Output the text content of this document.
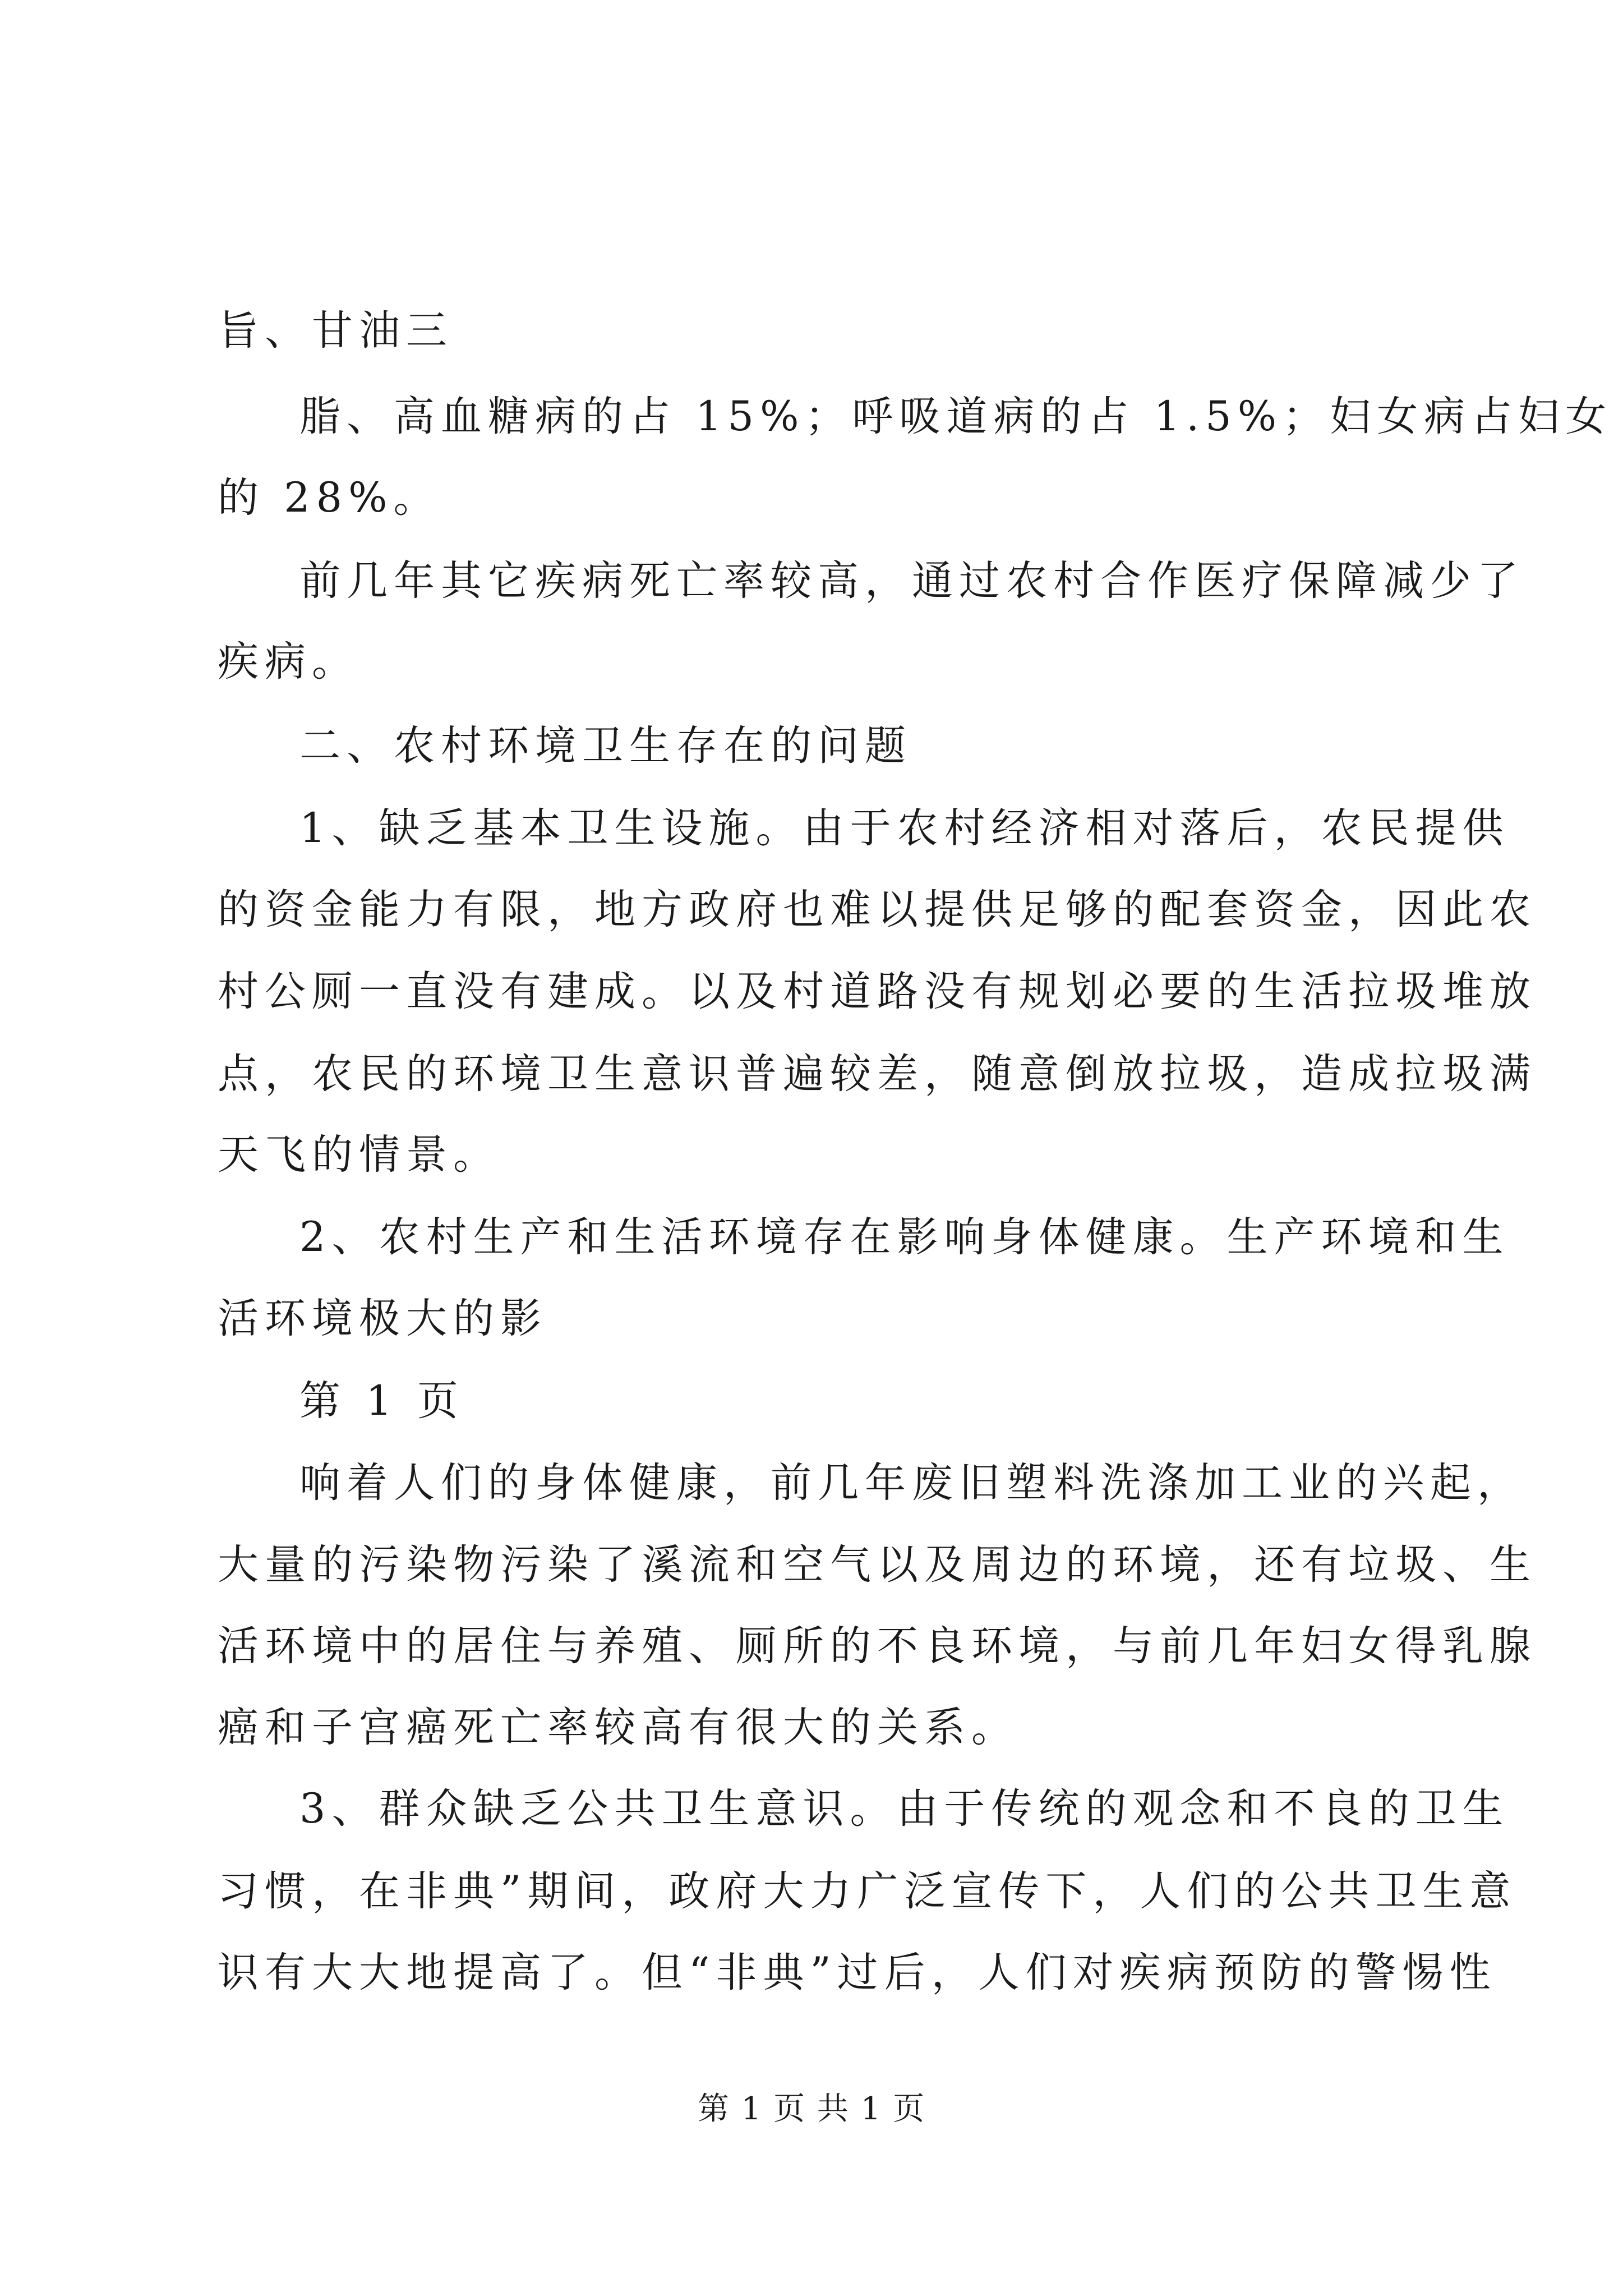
旨、甘油三
脂、高血糖病的占 15%；呼吸道病的占 1.5%；妇女病占妇女
的 28%。
前几年其它疾病死亡率较高，通过农村合作医疗保障减少了
疾病。
二、农村环境卫生存在的问题
1、缺乏基本卫生设施。由于农村经济相对落后，农民提供
的资金能力有限，地方政府也难以提供足够的配套资金，因此农
村公厕一直没有建成。以及村道路没有规划必要的生活拉圾堆放
点，农民的环境卫生意识普遍较差，随意倒放拉圾，造成拉圾满
天飞的情景。
2、农村生产和生活环境存在影响身体健康。生产环境和生
活环境极大的影
第 1 页
响着人们的身体健康，前几年废旧塑料洗涤加工业的兴起，
大量的污染物污染了溪流和空气以及周边的环境，还有垃圾、生
活环境中的居住与养殖、厕所的不良环境，与前几年妇女得乳腺
癌和子宫癌死亡率较高有很大的关系。
3、群众缺乏公共卫生意识。由于传统的观念和不良的卫生
习惯，在非典”期间，政府大力广泛宣传下，人们的公共卫生意
识有大大地提高了。但“非典”过后，人们对疾病预防的警惕性
第 1 页 共 1 页
